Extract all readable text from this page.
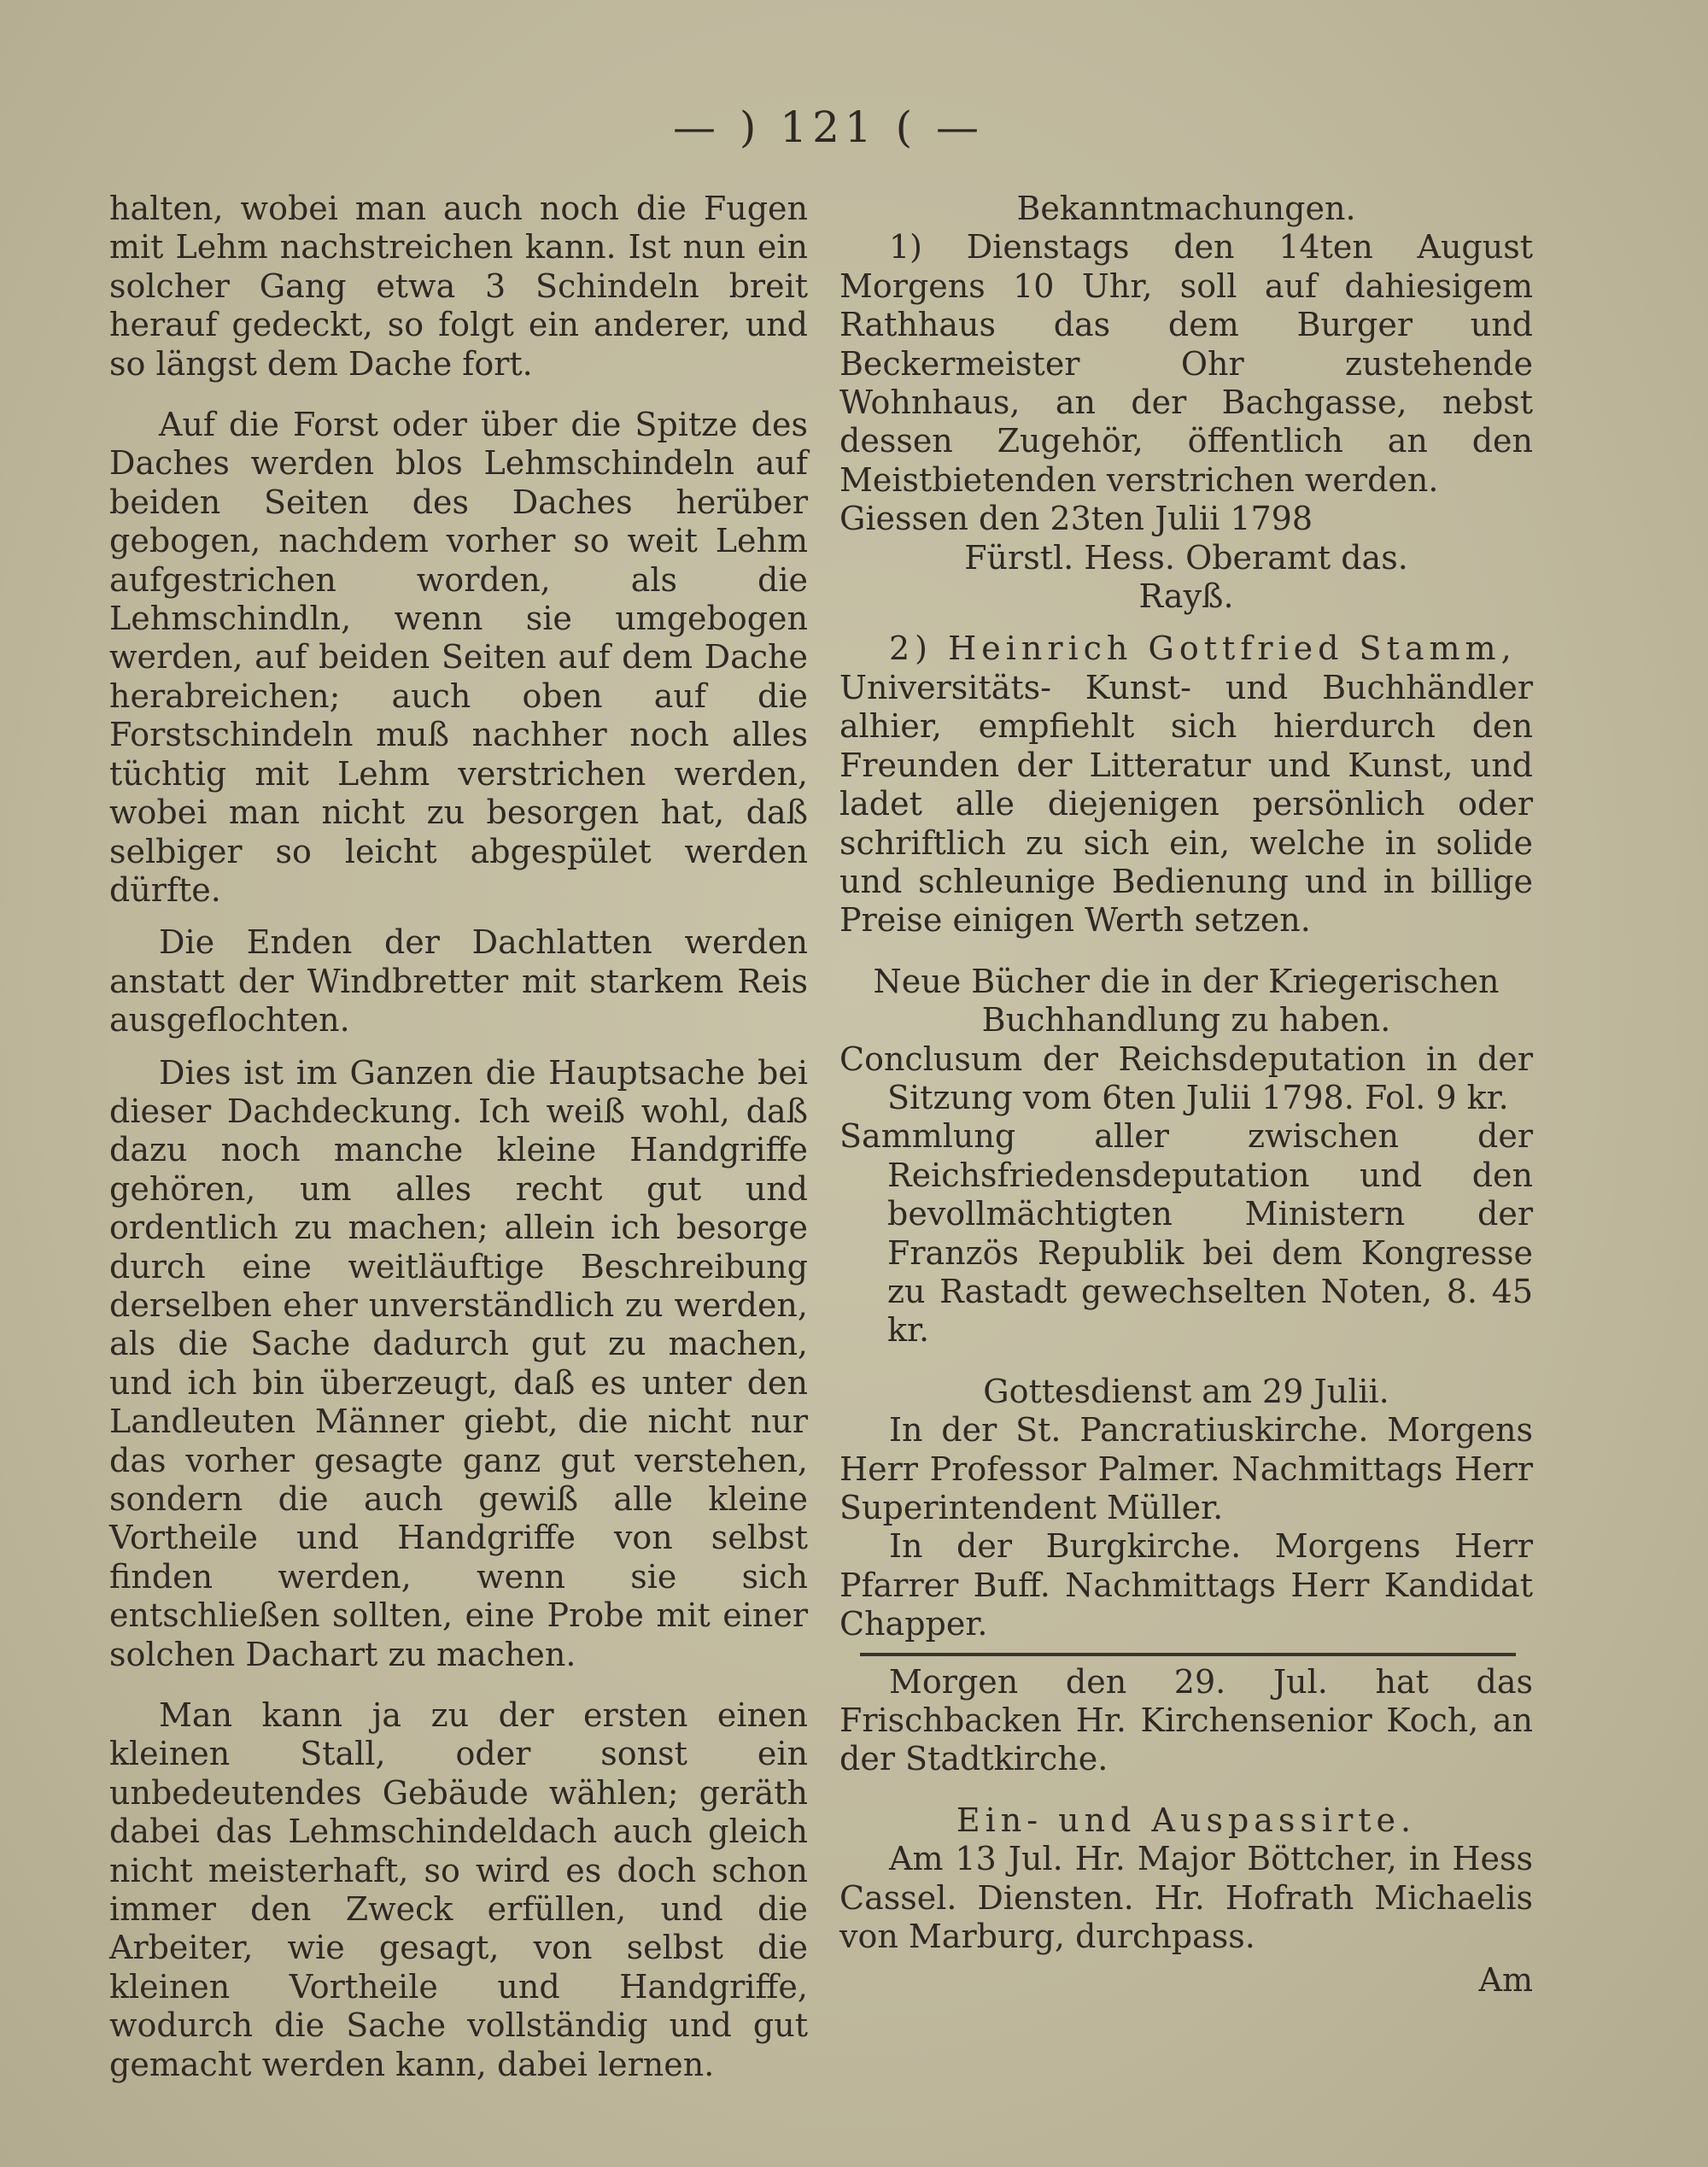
— ) 121 ( —

halten, wobei man auch noch die Fugen mit Lehm nachstreichen kann. Ist nun ein solcher Gang etwa 3 Schindeln breit herauf gedeckt, so folgt ein anderer, und so längst dem Dache fort.

Auf die Forst oder über die Spitze des Daches werden blos Lehmschindeln auf beiden Seiten des Daches herüber gebogen, nachdem vorher so weit Lehm aufgestrichen worden, als die Lehmschindln, wenn sie umgebogen werden, auf beiden Seiten auf dem Dache herabreichen; auch oben auf die Forstschindeln muß nachher noch alles tüchtig mit Lehm verstrichen werden, wobei man nicht zu besorgen hat, daß selbiger so leicht abgespület werden dürfte.

Die Enden der Dachlatten werden anstatt der Windbretter mit starkem Reis ausgeflochten.

Dies ist im Ganzen die Hauptsache bei dieser Dachdeckung. Ich weiß wohl, daß dazu noch manche kleine Handgriffe gehören, um alles recht gut und ordentlich zu machen; allein ich besorge durch eine weitläuftige Beschreibung derselben eher unverständlich zu werden, als die Sache dadurch gut zu machen, und ich bin überzeugt, daß es unter den Landleuten Männer giebt, die nicht nur das vorher gesagte ganz gut verstehen, sondern die auch gewiß alle kleine Vortheile und Handgriffe von selbst finden werden, wenn sie sich entschließen sollten, eine Probe mit einer solchen Dachart zu machen.

Man kann ja zu der ersten einen kleinen Stall, oder sonst ein unbedeutendes Gebäude wählen; geräth dabei das Lehmschindeldach auch gleich nicht meisterhaft, so wird es doch schon immer den Zweck erfüllen, und die Arbeiter, wie gesagt, von selbst die kleinen Vortheile und Handgriffe, wodurch die Sache vollständig und gut gemacht werden kann, dabei lernen.

Bekanntmachungen.

1) Dienstags den 14ten August Morgens 10 Uhr, soll auf dahiesigem Rathhaus das dem Burger und Beckermeister Ohr zustehende Wohnhaus, an der Bachgasse, nebst dessen Zugehör, öffentlich an den Meistbietenden verstrichen werden.

Giessen den 23ten Julii 1798

Fürstl. Hess. Oberamt das.

Rayß.

2) Heinrich Gottfried Stamm,

Universitäts- Kunst- und Buchhändler alhier, empfiehlt sich hierdurch den Freunden der Litteratur und Kunst, und ladet alle diejenigen persönlich oder schriftlich zu sich ein, welche in solide und schleunige Bedienung und in billige Preise einigen Werth setzen.

Neue Bücher die in der Kriegerischen Buchhandlung zu haben.

Conclusum der Reichsdeputation in der Sitzung vom 6ten Julii 1798. Fol. 9 kr.

Sammlung aller zwischen der Reichsfriedensdeputation und den bevollmächtigten Ministern der Französ Republik bei dem Kongresse zu Rastadt gewechselten Noten, 8. 45 kr.

Gottesdienst am 29 Julii.

In der St. Pancratiuskirche. Morgens Herr Professor Palmer. Nachmittags Herr Superintendent Müller.

In der Burgkirche. Morgens Herr Pfarrer Buff. Nachmittags Herr Kandidat Chapper.

Morgen den 29. Jul. hat das Frischbacken Hr. Kirchensenior Koch, an der Stadtkirche.

Ein- und Auspassirte.

Am 13 Jul. Hr. Major Böttcher, in Hess Cassel. Diensten. Hr. Hofrath Michaelis von Marburg, durchpass.

Am
